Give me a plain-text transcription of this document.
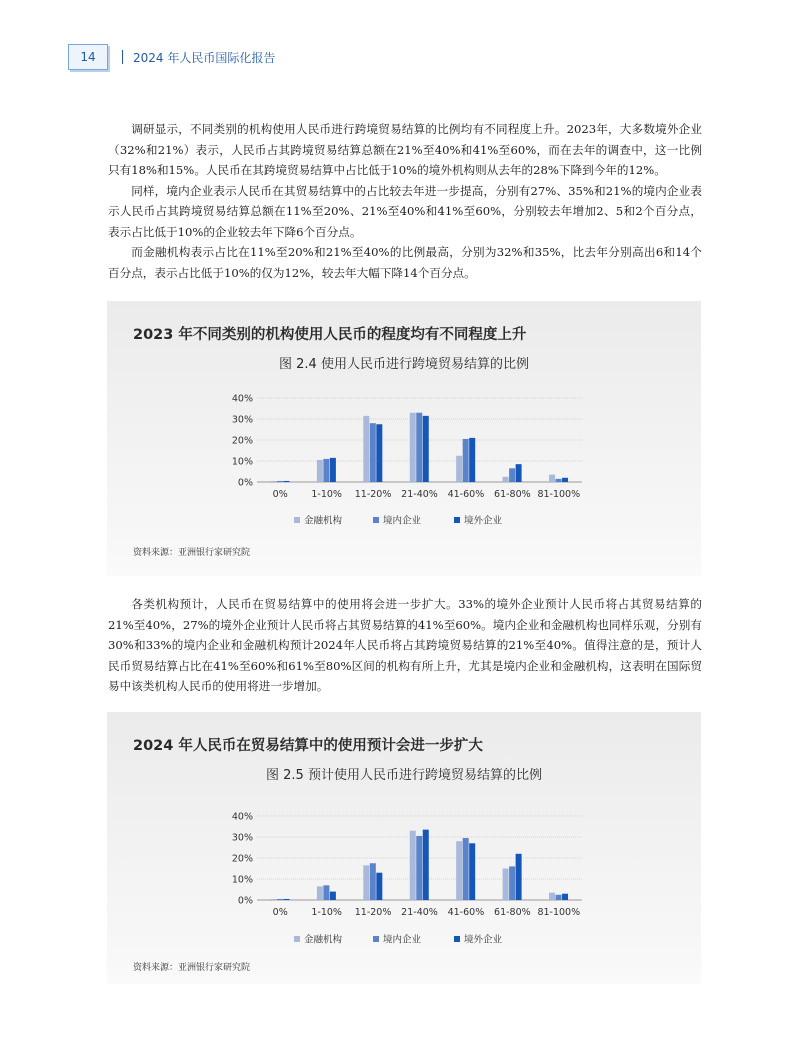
14	2024 年人民币国际化报告

调研显示，不同类别的机构使用人民币进行跨境贸易结算的比例均有不同程度上升。2023年，大多数境外企业（32%和21%）表示，人民币占其跨境贸易结算总额在21%至40%和41%至60%，而在去年的调查中，这一比例只有18%和15%。人民币在其跨境贸易结算中占比低于10%的境外机构则从去年的28%下降到今年的12%。

同样，境内企业表示人民币在其贸易结算中的占比较去年进一步提高，分别有27%、35%和21%的境内企业表示人民币占其跨境贸易结算总额在11%至20%、21%至40%和41%至60%，分别较去年增加2、5和2个百分点，表示占比低于10%的企业较去年下降6个百分点。

而金融机构表示占比在11%至20%和21%至40%的比例最高，分别为32%和35%，比去年分别高出6和14个百分点，表示占比低于10%的仅为12%，较去年大幅下降14个百分点。

2023 年不同类别的机构使用人民币的程度均有不同程度上升
图 2.4 使用人民币进行跨境贸易结算的比例
0%
10%
20%
30%
40%
0% 1-10% 11-20% 21-40% 41-60% 61-80% 81-100%
金融机构	境内企业	境外企业
资料来源：亚洲银行家研究院

各类机构预计，人民币在贸易结算中的使用将会进一步扩大。33%的境外企业预计人民币将占其贸易结算的21%至40%，27%的境外企业预计人民币将占其贸易结算的41%至60%。境内企业和金融机构也同样乐观，分别有30%和33%的境内企业和金融机构预计2024年人民币将占其跨境贸易结算的21%至40%。值得注意的是，预计人民币贸易结算占比在41%至60%和61%至80%区间的机构有所上升，尤其是境内企业和金融机构，这表明在国际贸易中该类机构人民币的使用将进一步增加。

2024 年人民币在贸易结算中的使用预计会进一步扩大
图 2.5 预计使用人民币进行跨境贸易结算的比例
0%
10%
20%
30%
40%
0% 1-10% 11-20% 21-40% 41-60% 61-80% 81-100%
金融机构	境内企业	境外企业
资料来源：亚洲银行家研究院
